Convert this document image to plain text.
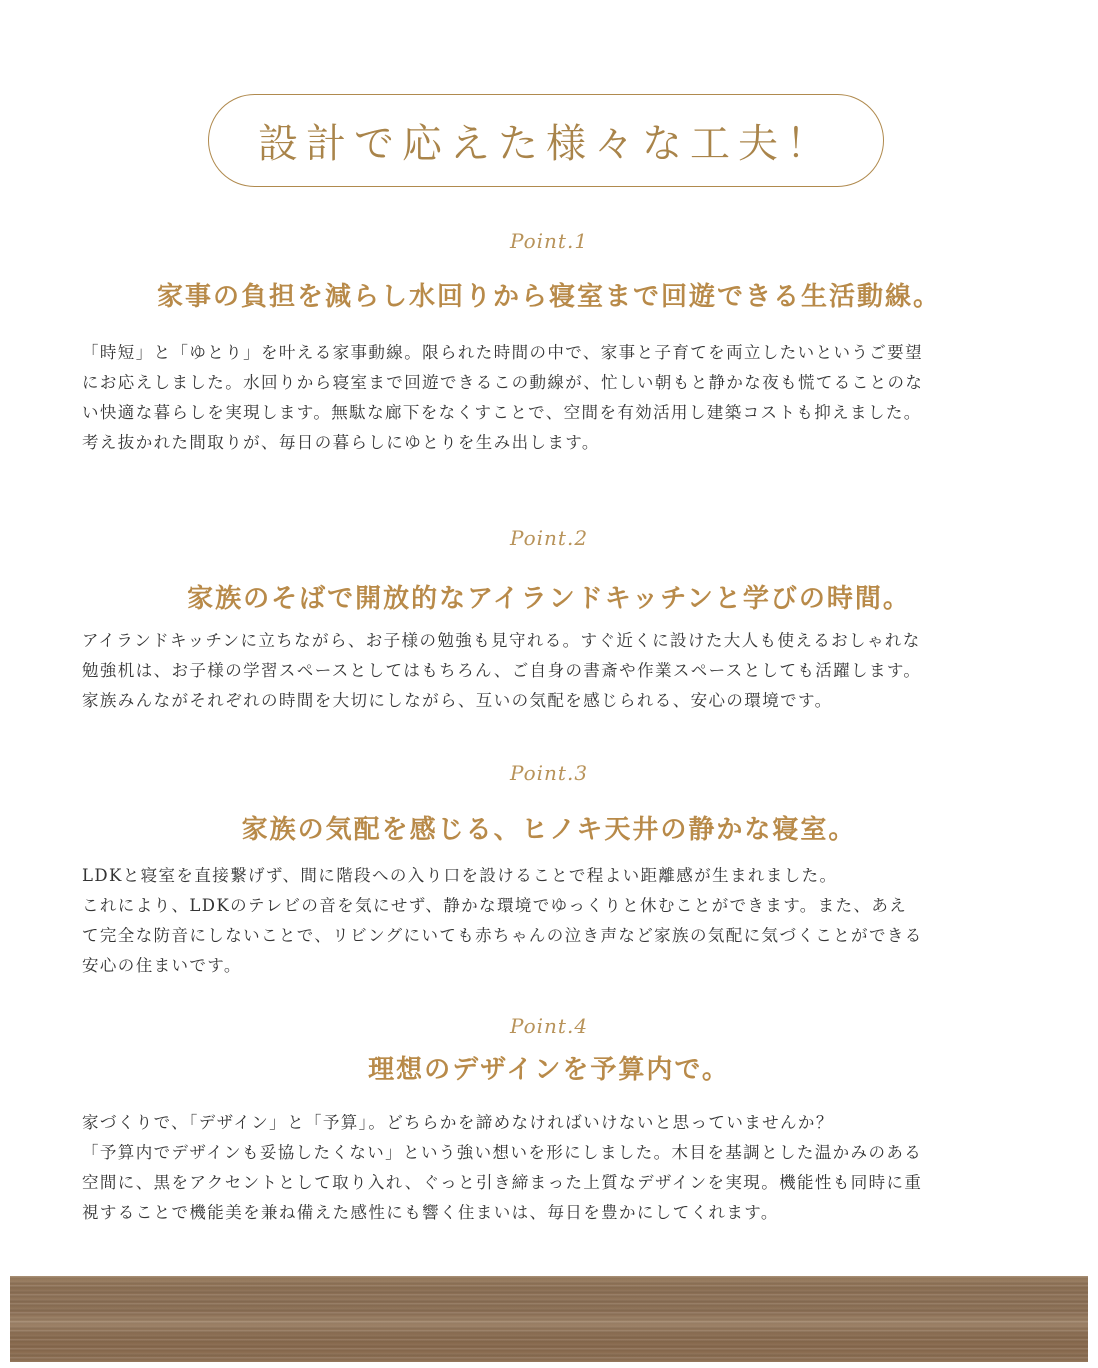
設計で応えた様々な工夫！
Point.1
家事の負担を減らし水回りから寝室まで回遊できる生活動線。

「時短」と「ゆとり」を叶える家事動線。限られた時間の中で、家事と子育てを両立したいというご要望

にお応えしました。水回りから寝室まで回遊できるこの動線が、忙しい朝もと静かな夜も慌てることのな

い快適な暮らしを実現します。無駄な廊下をなくすことで、空間を有効活用し建築コストも抑えました。

考え抜かれた間取りが、毎日の暮らしにゆとりを生み出します。

Point.2
家族のそばで開放的なアイランドキッチンと学びの時間。

アイランドキッチンに立ちながら、お子様の勉強も見守れる。すぐ近くに設けた大人も使えるおしゃれな

勉強机は、お子様の学習スペースとしてはもちろん、ご自身の書斎や作業スペースとしても活躍します。

家族みんながそれぞれの時間を大切にしながら、互いの気配を感じられる、安心の環境です。

Point.3
家族の気配を感じる、ヒノキ天井の静かな寝室。

LDKと寝室を直接繋げず、間に階段への入り口を設けることで程よい距離感が生まれました。

これにより、LDKのテレビの音を気にせず、静かな環境でゆっくりと休むことができます。また、あえ

て完全な防音にしないことで、リビングにいても赤ちゃんの泣き声など家族の気配に気づくことができる

安心の住まいです。

Point.4
理想のデザインを予算内で。

家づくりで、「デザイン」と「予算」。どちらかを諦めなければいけないと思っていませんか？

「予算内でデザインも妥協したくない」という強い想いを形にしました。木目を基調とした温かみのある

空間に、黒をアクセントとして取り入れ、ぐっと引き締まった上質なデザインを実現。機能性も同時に重

視することで機能美を兼ね備えた感性にも響く住まいは、毎日を豊かにしてくれます。
